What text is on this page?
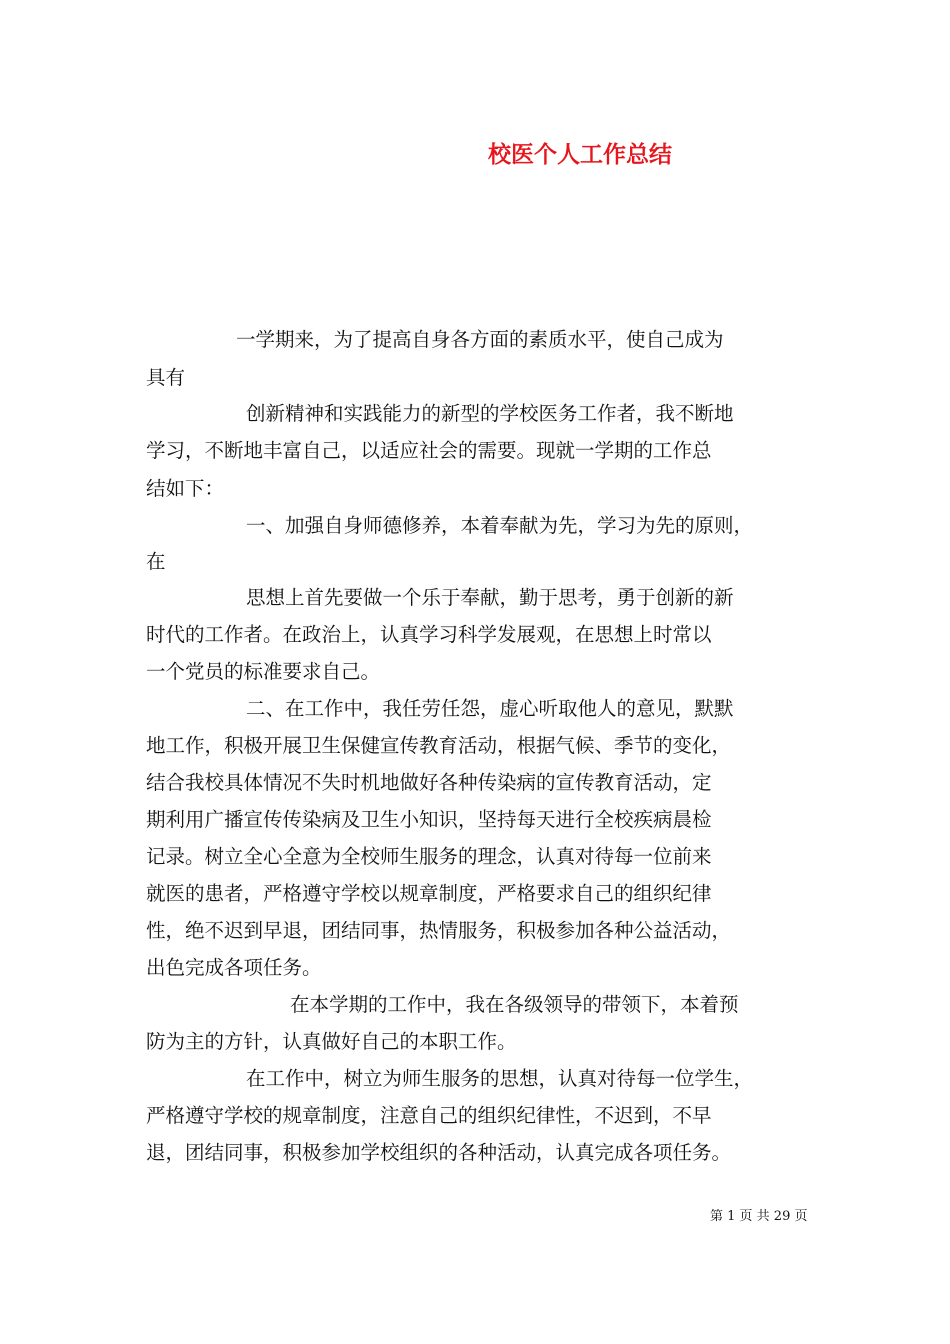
校医个人工作总结
一学期来，为了提高自身各方面的素质水平，使自己成为
具有
创新精神和实践能力的新型的学校医务工作者，我不断地
学习，不断地丰富自己，以适应社会的需要。现就一学期的工作总
结如下：
一、加强自身师德修养，本着奉献为先，学习为先的原则，
在
思想上首先要做一个乐于奉献，勤于思考，勇于创新的新
时代的工作者。在政治上，认真学习科学发展观，在思想上时常以
一个党员的标准要求自己。
二、在工作中，我任劳任怨，虚心听取他人的意见，默默
地工作，积极开展卫生保健宣传教育活动，根据气候、季节的变化，
结合我校具体情况不失时机地做好各种传染病的宣传教育活动，定
期利用广播宣传传染病及卫生小知识，坚持每天进行全校疾病晨检
记录。树立全心全意为全校师生服务的理念，认真对待每一位前来
就医的患者，严格遵守学校以规章制度，严格要求自己的组织纪律
性，绝不迟到早退，团结同事，热情服务，积极参加各种公益活动，
出色完成各项任务。
在本学期的工作中，我在各级领导的带领下，本着预
防为主的方针，认真做好自己的本职工作。
在工作中，树立为师生服务的思想，认真对待每一位学生，
严格遵守学校的规章制度，注意自己的组织纪律性，不迟到，不早
退，团结同事，积极参加学校组织的各种活动，认真完成各项任务。
第 1 页 共 29 页
